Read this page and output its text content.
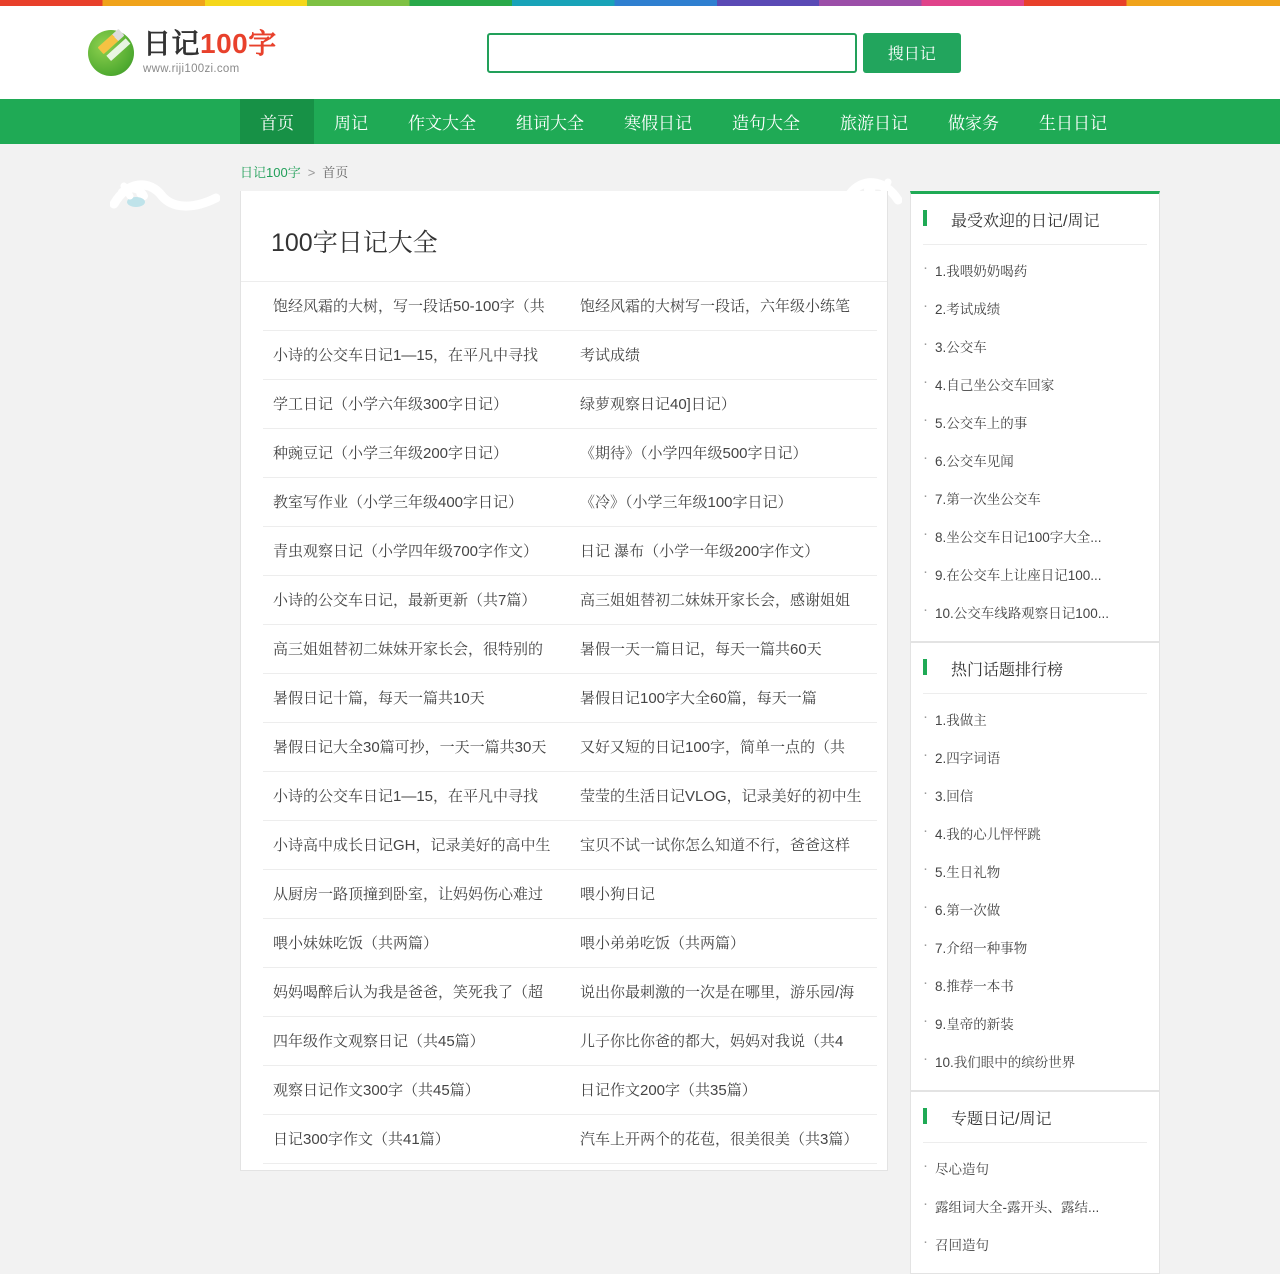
日记100字
www.riji100zi.com
搜日记
首页	周记	作文大全	组词大全	寒假日记	造句大全	旅游日记	做家务	生日日记
日记100字 > 首页
100字日记大全
饱经风霜的大树，写一段话50-100字（共	饱经风霜的大树写一段话，六年级小练笔
小诗的公交车日记1—15，在平凡中寻找	考试成绩
学工日记（小学六年级300字日记）	绿萝观察日记40]日记）
种豌豆记（小学三年级200字日记）	《期待》（小学四年级500字日记）
教室写作业（小学三年级400字日记）	《冷》（小学三年级100字日记）
青虫观察日记（小学四年级700字作文）	日记 瀑布（小学一年级200字作文）
小诗的公交车日记，最新更新（共7篇）	高三姐姐替初二妹妹开家长会，感谢姐姐
高三姐姐替初二妹妹开家长会，很特别的	暑假一天一篇日记，每天一篇共60天
暑假日记十篇，每天一篇共10天	暑假日记100字大全60篇，每天一篇
暑假日记大全30篇可抄，一天一篇共30天	又好又短的日记100字，简单一点的（共
小诗的公交车日记1—15，在平凡中寻找	莹莹的生活日记VLOG，记录美好的初中生
小诗高中成长日记GH，记录美好的高中生	宝贝不试一试你怎么知道不行，爸爸这样
从厨房一路顶撞到卧室，让妈妈伤心难过	喂小狗日记
喂小妹妹吃饭（共两篇）	喂小弟弟吃饭（共两篇）
妈妈喝醉后认为我是爸爸，笑死我了（超	说出你最刺激的一次是在哪里，游乐园/海
四年级作文观察日记（共45篇）	儿子你比你爸的都大，妈妈对我说（共4
观察日记作文300字（共45篇）	日记作文200字（共35篇）
日记300字作文（共41篇）	汽车上开两个的花苞，很美很美（共3篇）
最受欢迎的日记/周记
· 1.我喂奶奶喝药
· 2.考试成绩
· 3.公交车
· 4.自己坐公交车回家
· 5.公交车上的事
· 6.公交车见闻
· 7.第一次坐公交车
· 8.坐公交车日记100字大全...
· 9.在公交车上让座日记100...
· 10.公交车线路观察日记100...
热门话题排行榜
· 1.我做主
· 2.四字词语
· 3.回信
· 4.我的心儿怦怦跳
· 5.生日礼物
· 6.第一次做
· 7.介绍一种事物
· 8.推荐一本书
· 9.皇帝的新装
· 10.我们眼中的缤纷世界
专题日记/周记
· 尽心造句
· 露组词大全-露开头、露结...
· 召回造句
